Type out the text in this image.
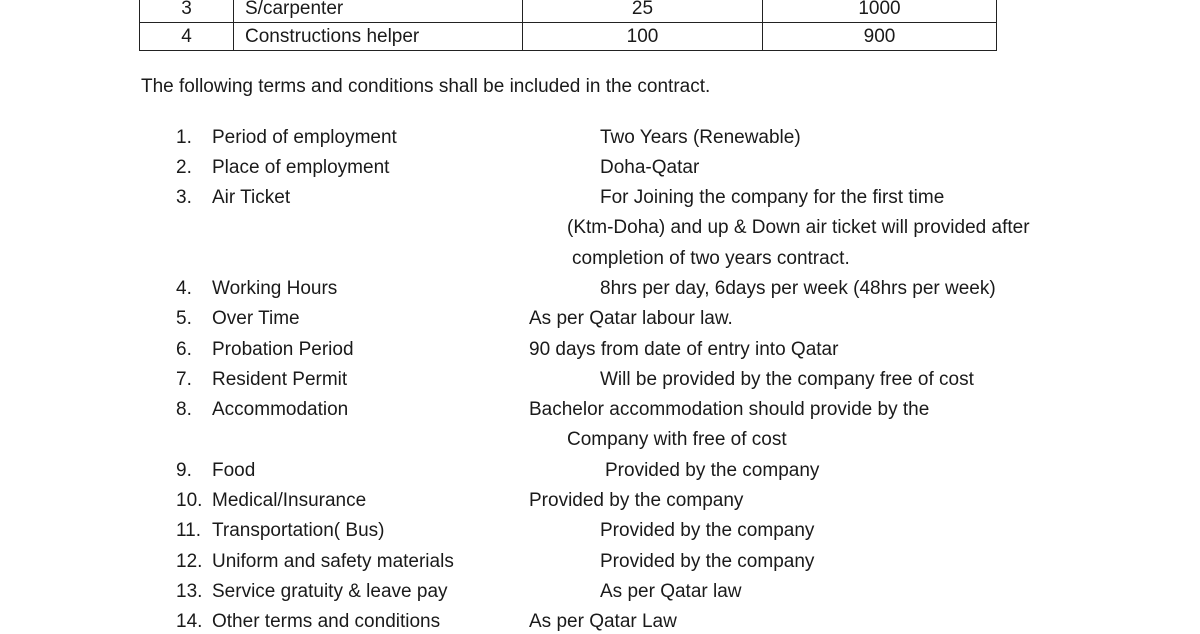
3	S/carpenter	25	1000
4	Constructions helper	100	900
The following terms and conditions shall be included in the contract.
1. Period of employment	Two Years (Renewable)
2. Place of employment	Doha-Qatar
3. Air Ticket	For Joining the company for the first time
(Ktm-Doha) and up & Down air ticket will provided after
completion of two years contract.
4. Working Hours	8hrs per day, 6days per week (48hrs per week)
5. Over Time	As per Qatar labour law.
6. Probation Period	90 days from date of entry into Qatar
7. Resident Permit	Will be provided by the company free of cost
8. Accommodation	Bachelor accommodation should provide by the
Company with free of cost
9. Food	Provided by the company
10. Medical/Insurance	Provided by the company
11. Transportation( Bus)	Provided by the company
12. Uniform and safety materials	Provided by the company
13. Service gratuity & leave pay	As per Qatar law
14. Other terms and conditions	As per Qatar Law
